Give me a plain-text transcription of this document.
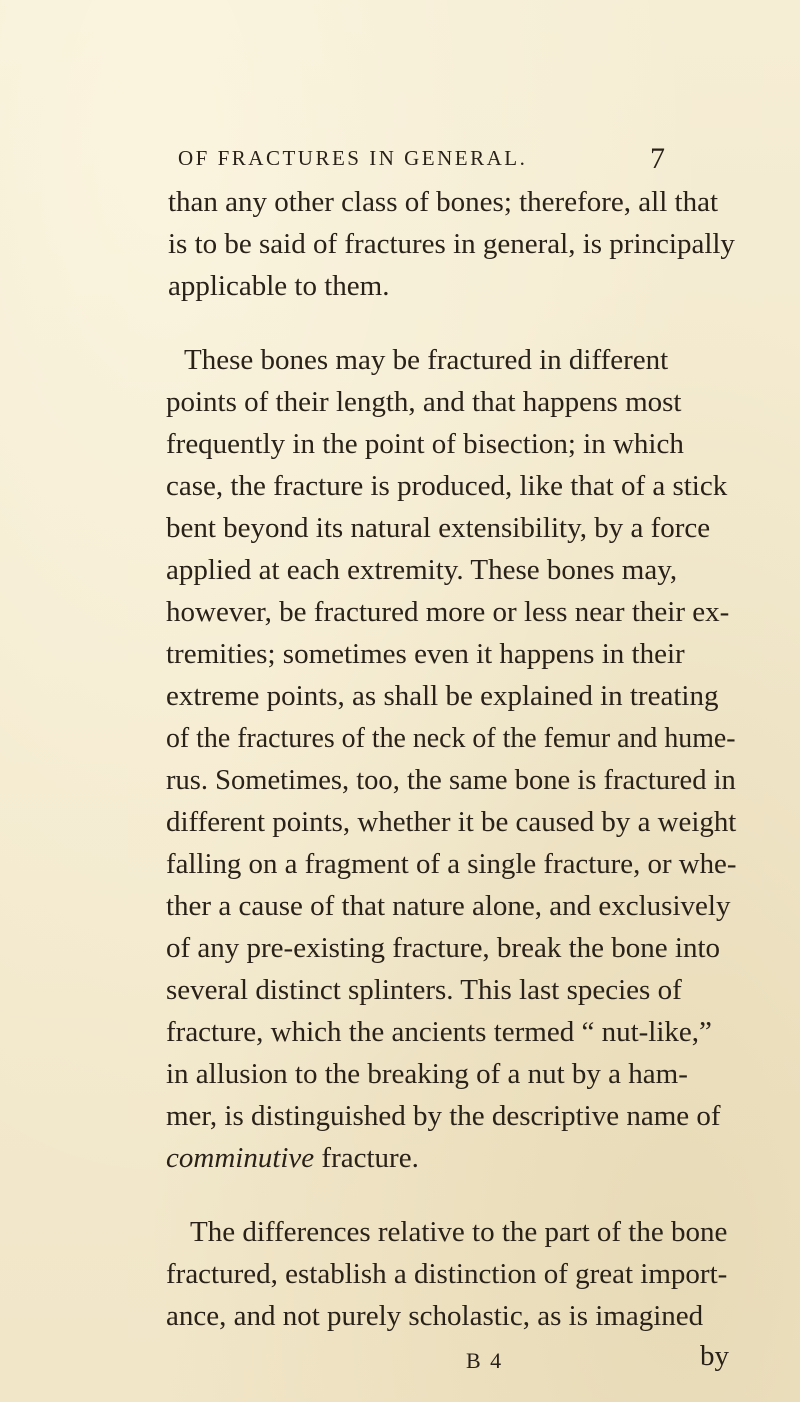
OF FRACTURES IN GENERAL.	7
than any other class of bones; therefore, all that
is to be said of fractures in general, is principally
applicable to them.
These bones may be fractured in different
points of their length, and that happens most
frequently in the point of bisection; in which
case, the fracture is produced, like that of a stick
bent beyond its natural extensibility, by a force
applied at each extremity. These bones may,
however, be fractured more or less near their ex-
tremities; sometimes even it happens in their
extreme points, as shall be explained in treating
of the fractures of the neck of the femur and hume-
rus. Sometimes, too, the same bone is fractured in
different points, whether it be caused by a weight
falling on a fragment of a single fracture, or whe-
ther a cause of that nature alone, and exclusively
of any pre-existing fracture, break the bone into
several distinct splinters. This last species of
fracture, which the ancients termed “ nut-like,”
in allusion to the breaking of a nut by a ham-
mer, is distinguished by the descriptive name of
comminutive fracture.
The differences relative to the part of the bone
fractured, establish a distinction of great import-
ance, and not purely scholastic, as is imagined
B 4	by
